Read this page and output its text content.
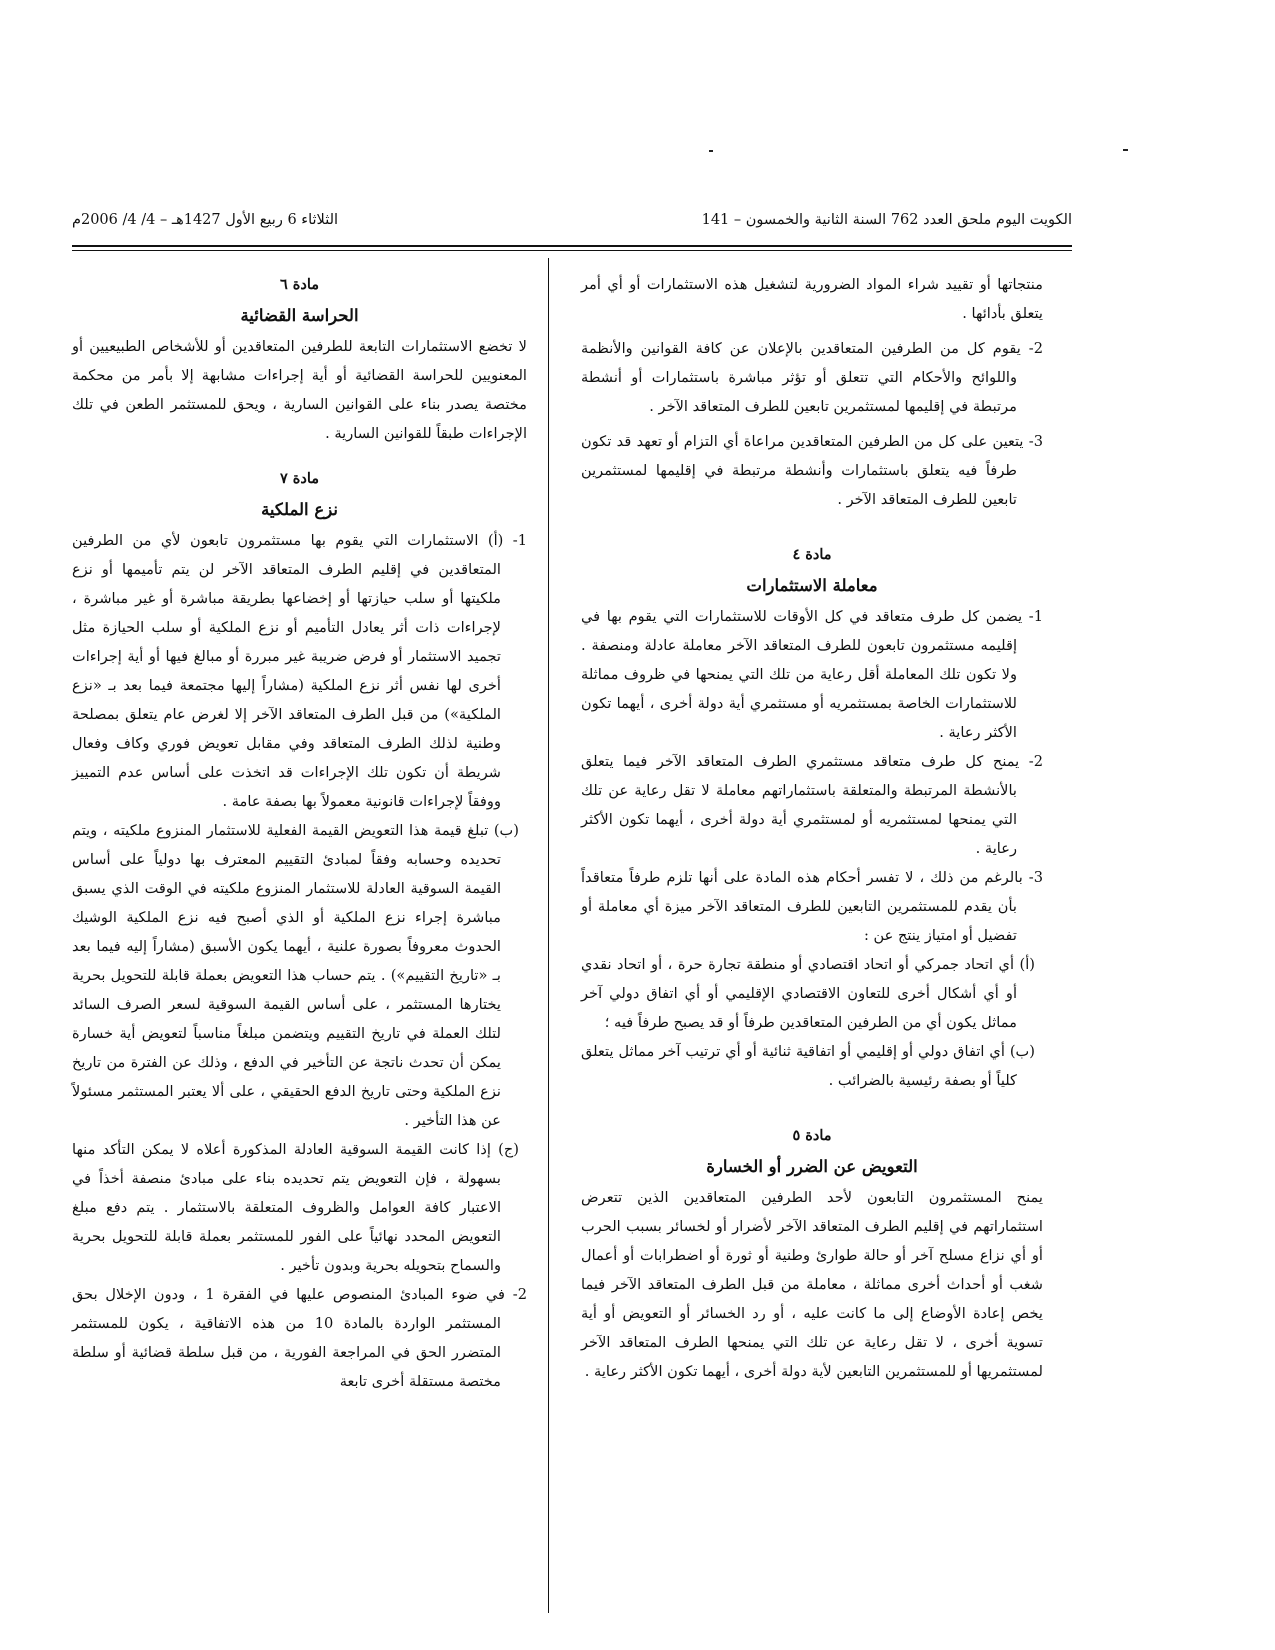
الكويت اليوم ملحق العدد 762 السنة الثانية والخمسون – 141
الثلاثاء 6 ربيع الأول 1427هـ – 4/ 4/ 2006م

منتجاتها أو تقييد شراء المواد الضرورية لتشغيل هذه الاستثمارات أو أي أمر يتعلق بأدائها .

2- يقوم كل من الطرفين المتعاقدين بالإعلان عن كافة القوانين والأنظمة واللوائح والأحكام التي تتعلق أو تؤثر مباشرة باستثمارات أو أنشطة مرتبطة في إقليمها لمستثمرين تابعين للطرف المتعاقد الآخر .

3- يتعين على كل من الطرفين المتعاقدين مراعاة أي التزام أو تعهد قد تكون طرفاً فيه يتعلق باستثمارات وأنشطة مرتبطة في إقليمها لمستثمرين تابعين للطرف المتعاقد الآخر .

مادة ٤
معاملة الاستثمارات

1- يضمن كل طرف متعاقد في كل الأوقات للاستثمارات التي يقوم بها في إقليمه مستثمرون تابعون للطرف المتعاقد الآخر معاملة عادلة ومنصفة . ولا تكون تلك المعاملة أقل رعاية من تلك التي يمنحها في ظروف مماثلة للاستثمارات الخاصة بمستثمريه أو مستثمري أية دولة أخرى ، أيهما تكون الأكثر رعاية .

2- يمنح كل طرف متعاقد مستثمري الطرف المتعاقد الآخر فيما يتعلق بالأنشطة المرتبطة والمتعلقة باستثماراتهم معاملة لا تقل رعاية عن تلك التي يمنحها لمستثمريه أو لمستثمري أية دولة أخرى ، أيهما تكون الأكثر رعاية .

3- بالرغم من ذلك ، لا تفسر أحكام هذه المادة على أنها تلزم طرفاً متعاقداً بأن يقدم للمستثمرين التابعين للطرف المتعاقد الآخر ميزة أي معاملة أو تفضيل أو امتياز ينتج عن :

(أ) أي اتحاد جمركي أو اتحاد اقتصادي أو منطقة تجارة حرة ، أو اتحاد نقدي أو أي أشكال أخرى للتعاون الاقتصادي الإقليمي أو أي اتفاق دولي آخر مماثل يكون أي من الطرفين المتعاقدين طرفاً أو قد يصبح طرفاً فيه ؛

(ب) أي اتفاق دولي أو إقليمي أو اتفاقية ثنائية أو أي ترتيب آخر مماثل يتعلق كلياً أو بصفة رئيسية بالضرائب .

مادة ٥
التعويض عن الضرر أو الخسارة

يمنح المستثمرون التابعون لأحد الطرفين المتعاقدين الذين تتعرض استثماراتهم في إقليم الطرف المتعاقد الآخر لأضرار أو لخسائر بسبب الحرب أو أي نزاع مسلح آخر أو حالة طوارئ وطنية أو ثورة أو اضطرابات أو أعمال شغب أو أحداث أخرى مماثلة ، معاملة من قبل الطرف المتعاقد الآخر فيما يخص إعادة الأوضاع إلى ما كانت عليه ، أو رد الخسائر أو التعويض أو أية تسوية أخرى ، لا تقل رعاية عن تلك التي يمنحها الطرف المتعاقد الآخر لمستثمريها أو للمستثمرين التابعين لأية دولة أخرى ، أيهما تكون الأكثر رعاية .

مادة ٦
الحراسة القضائية

لا تخضع الاستثمارات التابعة للطرفين المتعاقدين أو للأشخاص الطبيعيين أو المعنويين للحراسة القضائية أو أية إجراءات مشابهة إلا بأمر من محكمة مختصة يصدر بناء على القوانين السارية ، ويحق للمستثمر الطعن في تلك الإجراءات طبقاً للقوانين السارية .

مادة ٧
نزع الملكية

1- (أ) الاستثمارات التي يقوم بها مستثمرون تابعون لأي من الطرفين المتعاقدين في إقليم الطرف المتعاقد الآخر لن يتم تأميمها أو نزع ملكيتها أو سلب حيازتها أو إخضاعها بطريقة مباشرة أو غير مباشرة ، لإجراءات ذات أثر يعادل التأميم أو نزع الملكية أو سلب الحيازة مثل تجميد الاستثمار أو فرض ضريبة غير مبررة أو مبالغ فيها أو أية إجراءات أخرى لها نفس أثر نزع الملكية (مشاراً إليها مجتمعة فيما بعد بـ «نزع الملكية») من قبل الطرف المتعاقد الآخر إلا لغرض عام يتعلق بمصلحة وطنية لذلك الطرف المتعاقد وفي مقابل تعويض فوري وكاف وفعال شريطة أن تكون تلك الإجراءات قد اتخذت على أساس عدم التمييز ووفقاً لإجراءات قانونية معمولاً بها بصفة عامة .

(ب) تبلغ قيمة هذا التعويض القيمة الفعلية للاستثمار المنزوع ملكيته ، ويتم تحديده وحسابه وفقاً لمبادئ التقييم المعترف بها دولياً على أساس القيمة السوقية العادلة للاستثمار المنزوع ملكيته في الوقت الذي يسبق مباشرة إجراء نزع الملكية أو الذي أصبح فيه نزع الملكية الوشيك الحدوث معروفاً بصورة علنية ، أيهما يكون الأسبق (مشاراً إليه فيما بعد بـ «تاريخ التقييم») . يتم حساب هذا التعويض بعملة قابلة للتحويل بحرية يختارها المستثمر ، على أساس القيمة السوقية لسعر الصرف السائد لتلك العملة في تاريخ التقييم ويتضمن مبلغاً مناسباً لتعويض أية خسارة يمكن أن تحدث ناتجة عن التأخير في الدفع ، وذلك عن الفترة من تاريخ نزع الملكية وحتى تاريخ الدفع الحقيقي ، على ألا يعتبر المستثمر مسئولاً عن هذا التأخير .

(ج) إذا كانت القيمة السوقية العادلة المذكورة أعلاه لا يمكن التأكد منها بسهولة ، فإن التعويض يتم تحديده بناء على مبادئ منصفة أخذاً في الاعتبار كافة العوامل والظروف المتعلقة بالاستثمار . يتم دفع مبلغ التعويض المحدد نهائياً على الفور للمستثمر بعملة قابلة للتحويل بحرية والسماح بتحويله بحرية وبدون تأخير .

2- في ضوء المبادئ المنصوص عليها في الفقرة 1 ، ودون الإخلال بحق المستثمر الواردة بالمادة 10 من هذه الاتفاقية ، يكون للمستثمر المتضرر الحق في المراجعة الفورية ، من قبل سلطة قضائية أو سلطة مختصة مستقلة أخرى تابعة
